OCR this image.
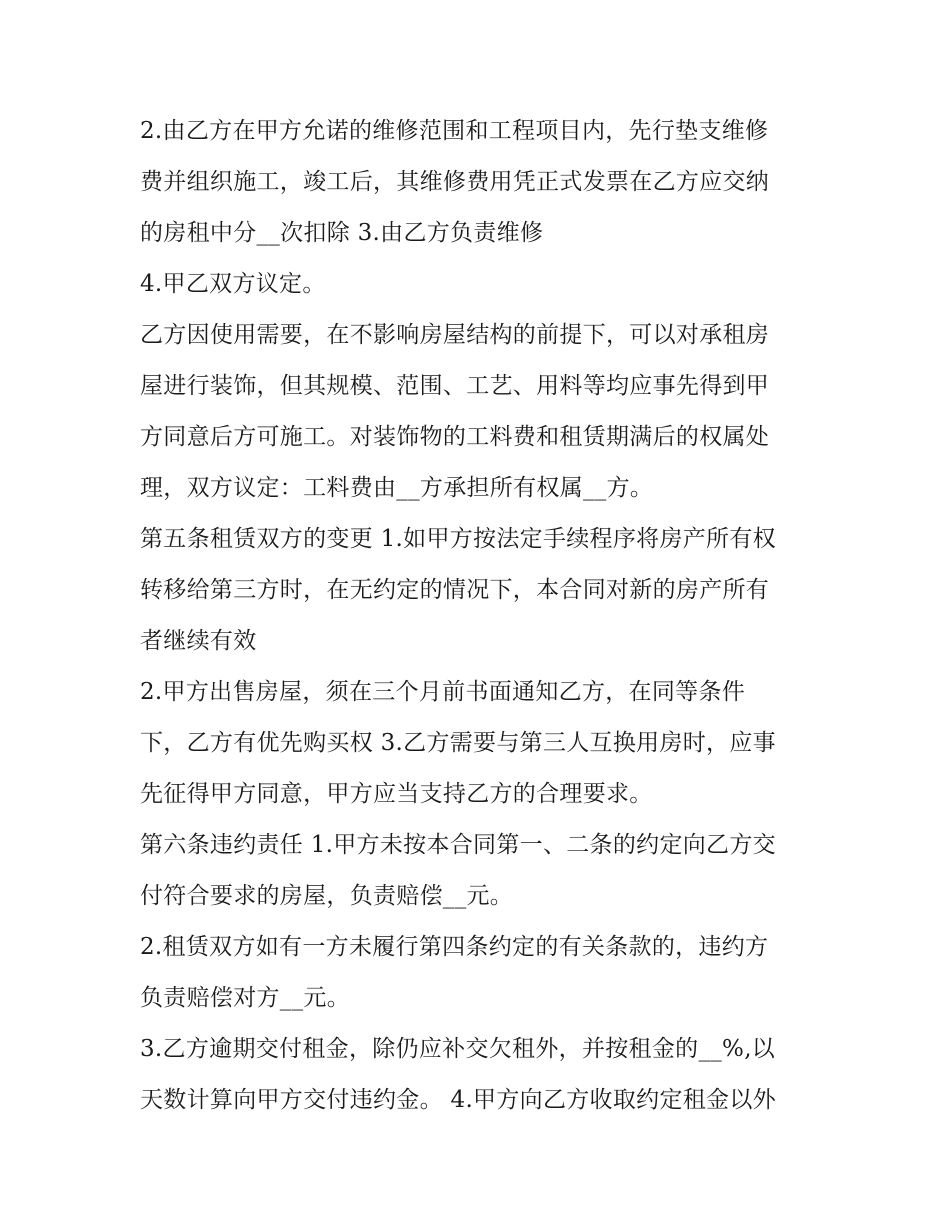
2.由乙方在甲方允诺的维修范围和工程项目内，先行垫支维修
费并组织施工，竣工后，其维修费用凭正式发票在乙方应交纳
的房租中分__次扣除 3.由乙方负责维修
4.甲乙双方议定。
乙方因使用需要，在不影响房屋结构的前提下，可以对承租房
屋进行装饰，但其规模、范围、工艺、用料等均应事先得到甲
方同意后方可施工。对装饰物的工料费和租赁期满后的权属处
理，双方议定：工料费由__方承担所有权属__方。
第五条租赁双方的变更 1.如甲方按法定手续程序将房产所有权
转移给第三方时，在无约定的情况下，本合同对新的房产所有
者继续有效
2.甲方出售房屋，须在三个月前书面通知乙方，在同等条件
下，乙方有优先购买权 3.乙方需要与第三人互换用房时，应事
先征得甲方同意，甲方应当支持乙方的合理要求。
第六条违约责任 1.甲方未按本合同第一、二条的约定向乙方交
付符合要求的房屋，负责赔偿__元。
2.租赁双方如有一方未履行第四条约定的有关条款的，违约方
负责赔偿对方__元。
3.乙方逾期交付租金，除仍应补交欠租外，并按租金的__%,以
天数计算向甲方交付违约金。 4.甲方向乙方收取约定租金以外
